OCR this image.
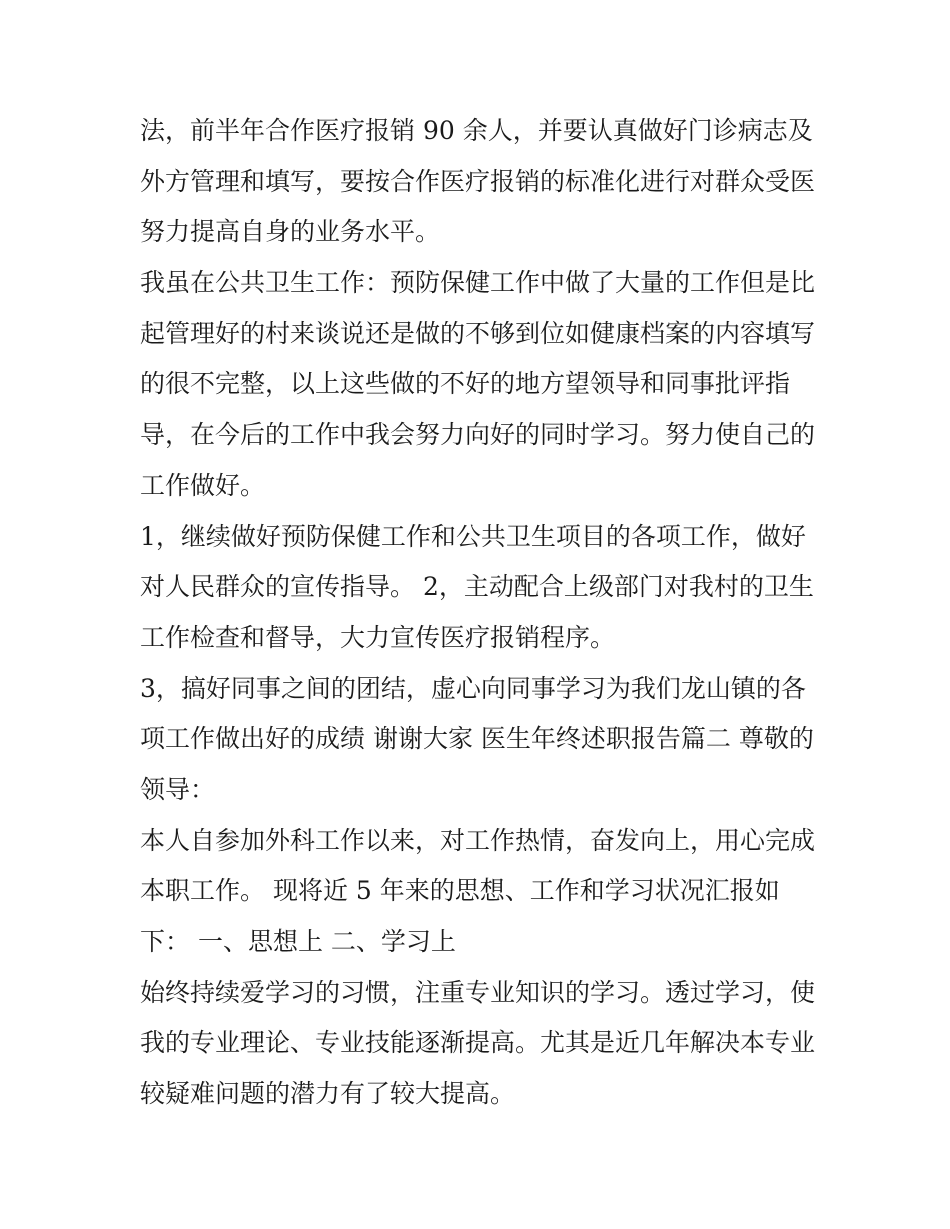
法，前半年合作医疗报销 90 余人，并要认真做好门诊病志及
外方管理和填写，要按合作医疗报销的标准化进行对群众受医
努力提高自身的业务水平。
我虽在公共卫生工作：预防保健工作中做了大量的工作但是比
起管理好的村来谈说还是做的不够到位如健康档案的内容填写
的很不完整，以上这些做的不好的地方望领导和同事批评指
导，在今后的工作中我会努力向好的同时学习。努力使自己的
工作做好。
1，继续做好预防保健工作和公共卫生项目的各项工作，做好
对人民群众的宣传指导。 2，主动配合上级部门对我村的卫生
工作检查和督导，大力宣传医疗报销程序。
3，搞好同事之间的团结，虚心向同事学习为我们龙山镇的各
项工作做出好的成绩 谢谢大家 医生年终述职报告篇二 尊敬的
领导：
本人自参加外科工作以来，对工作热情，奋发向上，用心完成
本职工作。 现将近 5 年来的思想、工作和学习状况汇报如
下： 一、思想上 二、学习上
始终持续爱学习的习惯，注重专业知识的学习。透过学习，使
我的专业理论、专业技能逐渐提高。尤其是近几年解决本专业
较疑难问题的潜力有了较大提高。
